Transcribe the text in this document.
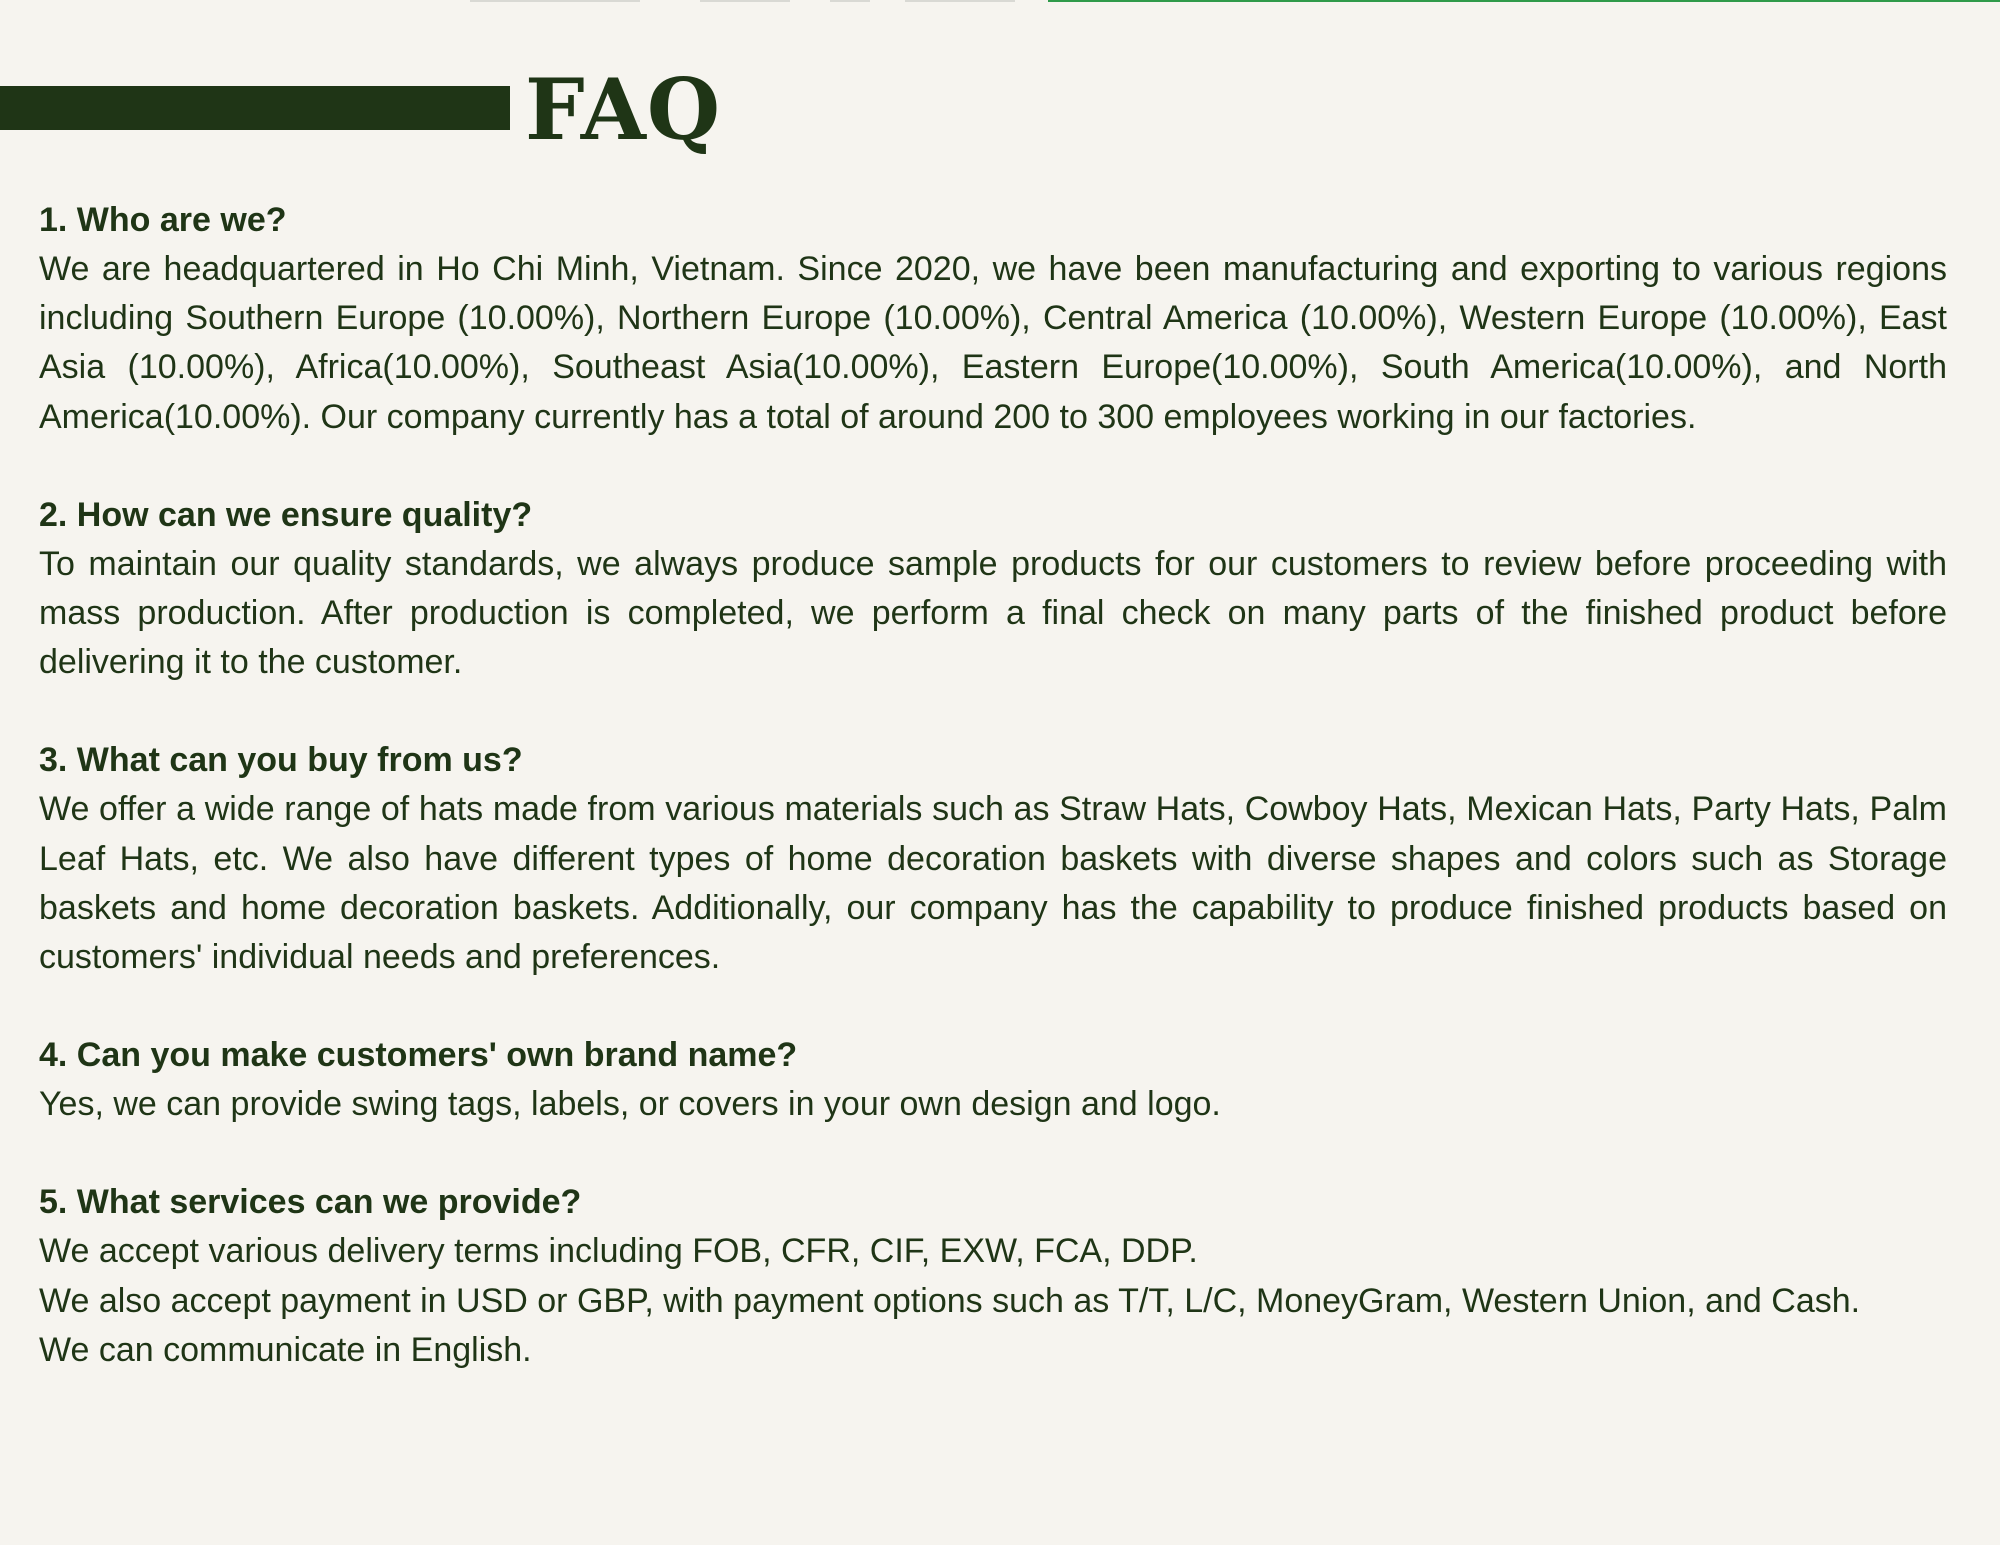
FAQ

1. Who are we?

We are headquartered in Ho Chi Minh, Vietnam. Since 2020, we have been manufacturing and exporting to various regions including Southern Europe (10.00%), Northern Europe (10.00%), Central America (10.00%), Western Europe (10.00%), East Asia (10.00%), Africa(10.00%), Southeast Asia(10.00%), Eastern Europe(10.00%), South America(10.00%), and North America(10.00%). Our company currently has a total of around 200 to 300 employees working in our factories.

2. How can we ensure quality?

To maintain our quality standards, we always produce sample products for our customers to review before proceeding with mass production. After production is completed, we perform a final check on many parts of the finished product before delivering it to the customer.

3. What can you buy from us?

We offer a wide range of hats made from various materials such as Straw Hats, Cowboy Hats, Mexican Hats, Party Hats, Palm Leaf Hats, etc. We also have different types of home decoration baskets with diverse shapes and colors such as Storage baskets and home decoration baskets. Additionally, our company has the capability to produce finished products based on customers' individual needs and preferences.

4. Can you make customers' own brand name?

Yes, we can provide swing tags, labels, or covers in your own design and logo.

5. What services can we provide?

We accept various delivery terms including FOB, CFR, CIF, EXW, FCA, DDP.

We also accept payment in USD or GBP, with payment options such as T/T, L/C, MoneyGram, Western Union, and Cash.

We can communicate in English.
